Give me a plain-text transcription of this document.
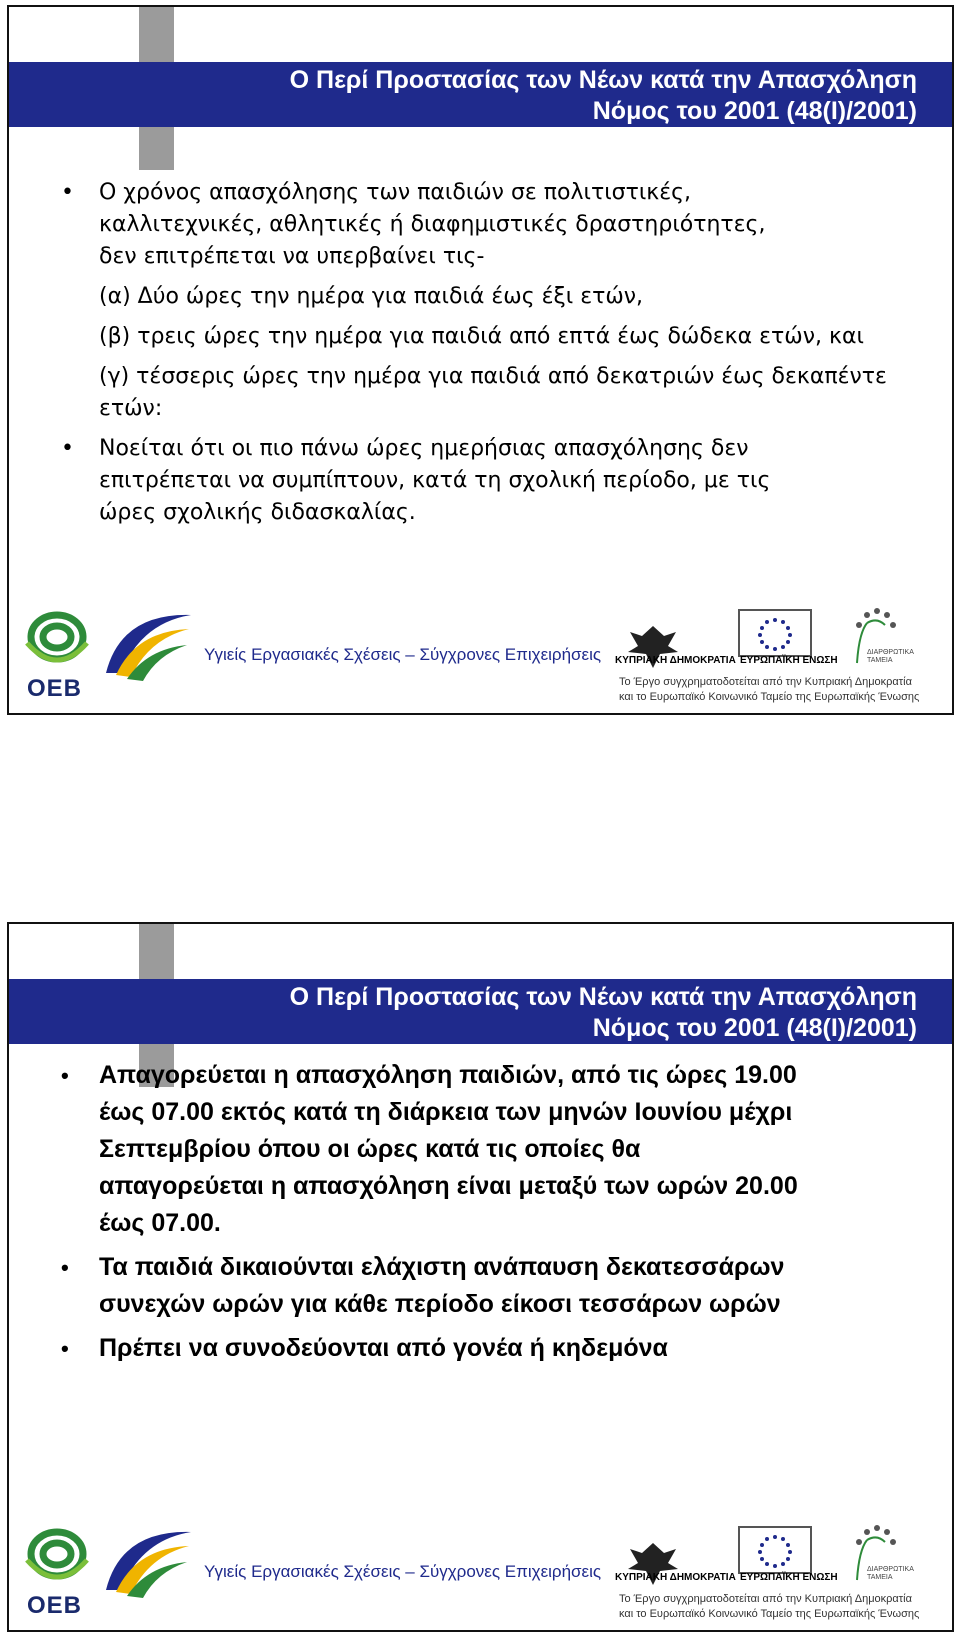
Ο Περί Προστασίας των Νέων κατά την Απασχόληση
Νόμος του 2001 (48(Ι)/2001)
• Ο χρόνος απασχόλησης των παιδιών σε πολιτιστικές,
καλλιτεχνικές, αθλητικές ή διαφημιστικές δραστηριότητες,
δεν επιτρέπεται να υπερβαίνει τις-
(α) Δύο ώρες την ημέρα για παιδιά έως έξι ετών,
(β) τρεις ώρες την ημέρα για παιδιά από επτά έως δώδεκα ετών, και
(γ) τέσσερις ώρες την ημέρα για παιδιά από δεκατριών έως δεκαπέντε ετών:
• Νοείται ότι οι πιο πάνω ώρες ημερήσιας απασχόλησης δεν
επιτρέπεται να συμπίπτουν, κατά τη σχολική περίοδο, με τις
ώρες σχολικής διδασκαλίας.
OEB
Υγιείς Εργασιακές Σχέσεις – Σύγχρονες Επιχειρήσεις ΚΥΠΡΙΑΚΗ ΔΗΜΟΚΡΑΤΙΑ ΕΥΡΩΠΑΪΚΗ ΕΝΩΣΗ
ΔΙΑΡΘΡΩΤΙΚΑ ΤΑΜΕΙΑ
Το Έργο συγχρηματοδοτείται από την Κυπριακή Δημοκρατία
και το Ευρωπαϊκό Κοινωνικό Ταμείο της Ευρωπαϊκής Ένωσης
Ο Περί Προστασίας των Νέων κατά την Απασχόληση
Νόμος του 2001 (48(Ι)/2001)
• Απαγορεύεται η απασχόληση παιδιών, από τις ώρες 19.00
έως 07.00 εκτός κατά τη διάρκεια των μηνών Ιουνίου μέχρι
Σεπτεμβρίου όπου οι ώρες κατά τις οποίες θα
απαγορεύεται η απασχόληση είναι μεταξύ των ωρών 20.00
έως 07.00.
• Τα παιδιά δικαιούνται ελάχιστη ανάπαυση δεκατεσσάρων
συνεχών ωρών για κάθε περίοδο είκοσι τεσσάρων ωρών
• Πρέπει να συνοδεύονται από γονέα ή κηδεμόνα
OEB
Υγιείς Εργασιακές Σχέσεις – Σύγχρονες Επιχειρήσεις ΚΥΠΡΙΑΚΗ ΔΗΜΟΚΡΑΤΙΑ ΕΥΡΩΠΑΪΚΗ ΕΝΩΣΗ
ΔΙΑΡΘΡΩΤΙΚΑ ΤΑΜΕΙΑ
Το Έργο συγχρηματοδοτείται από την Κυπριακή Δημοκρατία
και το Ευρωπαϊκό Κοινωνικό Ταμείο της Ευρωπαϊκής Ένωσης
